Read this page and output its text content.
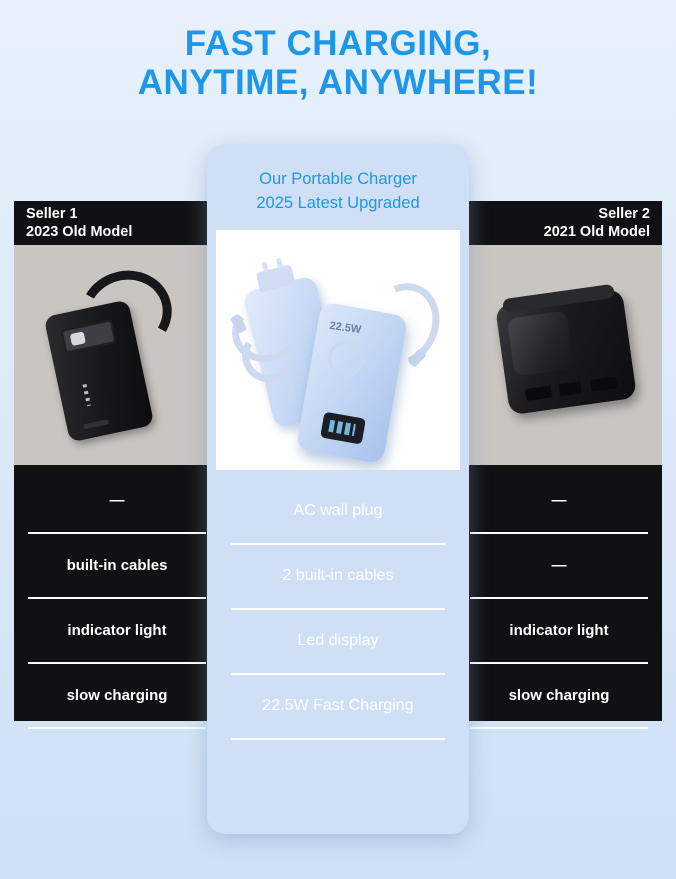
FAST CHARGING,
ANYTIME, ANYWHERE!
Seller 1
2023 Old Model
—
built-in cables
indicator light
slow charging
Seller 2
2021 Old Model
—
—
indicator light
slow charging
Our Portable Charger
2025 Latest Upgraded
22.5W
AC wall plug
2 built-in cables
Led display
22.5W Fast Charging
